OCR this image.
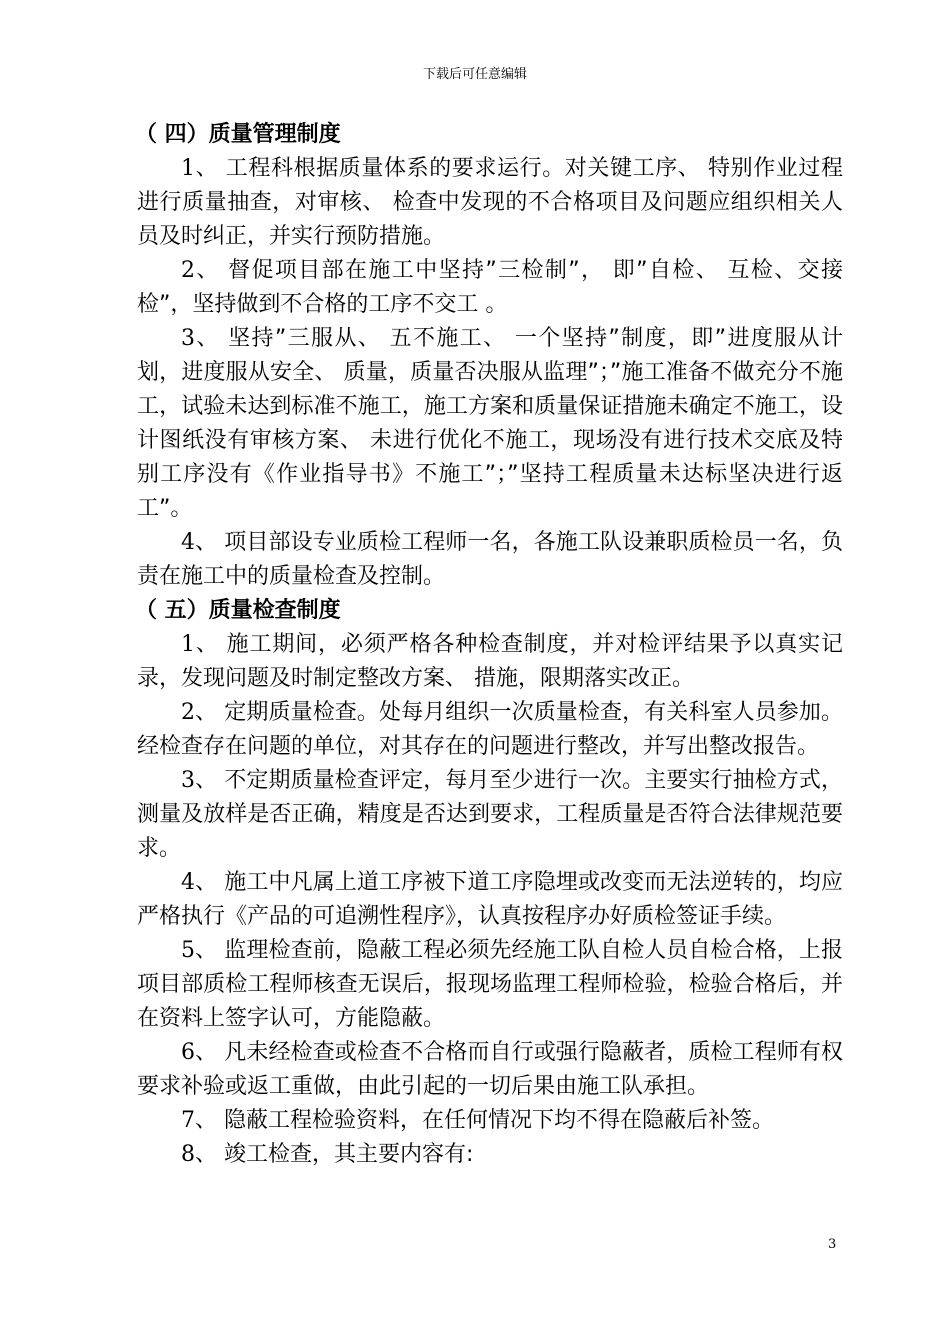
下载后可任意编辑
（ 四）质量管理制度

1、 工程科根据质量体系的要求运行。对关键工序、 特别作业过程进行质量抽查，对审核、 检查中发现的不合格项目及问题应组织相关人员及时纠正，并实行预防措施。

2、 督促项目部在施工中坚持”三检制”， 即”自检、 互检、交接检”，坚持做到不合格的工序不交工 。

3、 坚持”三服从、 五不施工、 一个坚持”制度，即”进度服从计划，进度服从安全、 质量，质量否决服从监理”；”施工准备不做充分不施工，试验未达到标准不施工，施工方案和质量保证措施未确定不施工，设计图纸没有审核方案、 未进行优化不施工，现场没有进行技术交底及特别工序没有《作业指导书》不施工”；”坚持工程质量未达标坚决进行返工”。

4、 项目部设专业质检工程师一名，各施工队设兼职质检员一名，负责在施工中的质量检查及控制。

（ 五）质量检查制度

1、 施工期间，必须严格各种检查制度，并对检评结果予以真实记录，发现问题及时制定整改方案、 措施，限期落实改正。

2、 定期质量检查。处每月组织一次质量检查，有关科室人员参加。经检查存在问题的单位，对其存在的问题进行整改，并写出整改报告。

3、 不定期质量检查评定，每月至少进行一次。主要实行抽检方式，测量及放样是否正确，精度是否达到要求，工程质量是否符合法律规范要求。

4、 施工中凡属上道工序被下道工序隐埋或改变而无法逆转的，均应严格执行《产品的可追溯性程序》，认真按程序办好质检签证手续。

5、 监理检查前，隐蔽工程必须先经施工队自检人员自检合格，上报项目部质检工程师核查无误后，报现场监理工程师检验，检验合格后，并在资料上签字认可，方能隐蔽。

6、 凡未经检查或检查不合格而自行或强行隐蔽者，质检工程师有权要求补验或返工重做，由此引起的一切后果由施工队承担。

7、 隐蔽工程检验资料，在任何情况下均不得在隐蔽后补签。

8、 竣工检查，其主要内容有:

3
